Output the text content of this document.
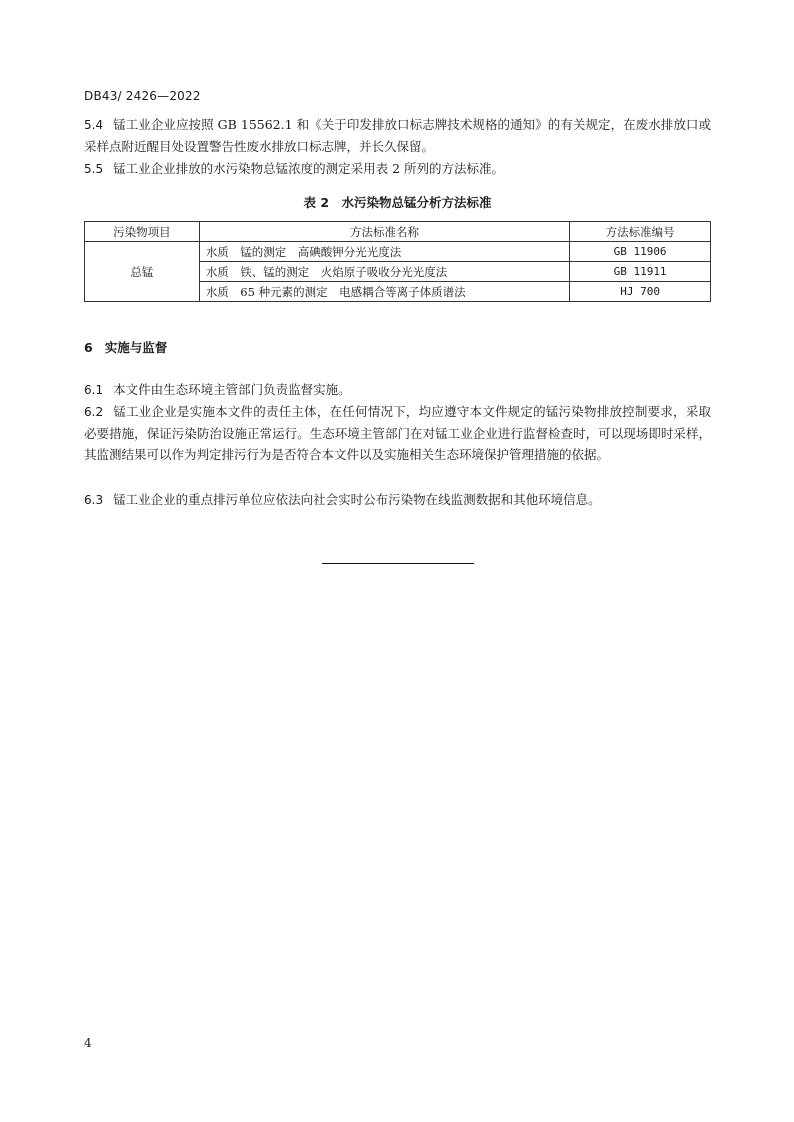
DB43/ 2426—2022
5.4 锰工业企业应按照 GB 15562.1 和《关于印发排放口标志牌技术规格的通知》的有关规定，在废水排放口或采样点附近醒目处设置警告性废水排放口标志牌，并长久保留。
5.5 锰工业企业排放的水污染物总锰浓度的测定采用表 2 所列的方法标准。
表 2　水污染物总锰分析方法标准
污染物项目	方法标准名称	方法标准编号
总锰	水质　锰的测定　高碘酸钾分光光度法	GB 11906
	水质　铁、锰的测定　火焰原子吸收分光光度法	GB 11911
	水质　65 种元素的测定　电感耦合等离子体质谱法	HJ 700
6 实施与监督
6.1 本文件由生态环境主管部门负责监督实施。
6.2 锰工业企业是实施本文件的责任主体，在任何情况下，均应遵守本文件规定的锰污染物排放控制要求，采取必要措施，保证污染防治设施正常运行。生态环境主管部门在对锰工业企业进行监督检查时，可以现场即时采样，其监测结果可以作为判定排污行为是否符合本文件以及实施相关生态环境保护管理措施的依据。
6.3 锰工业企业的重点排污单位应依法向社会实时公布污染物在线监测数据和其他环境信息。
4
